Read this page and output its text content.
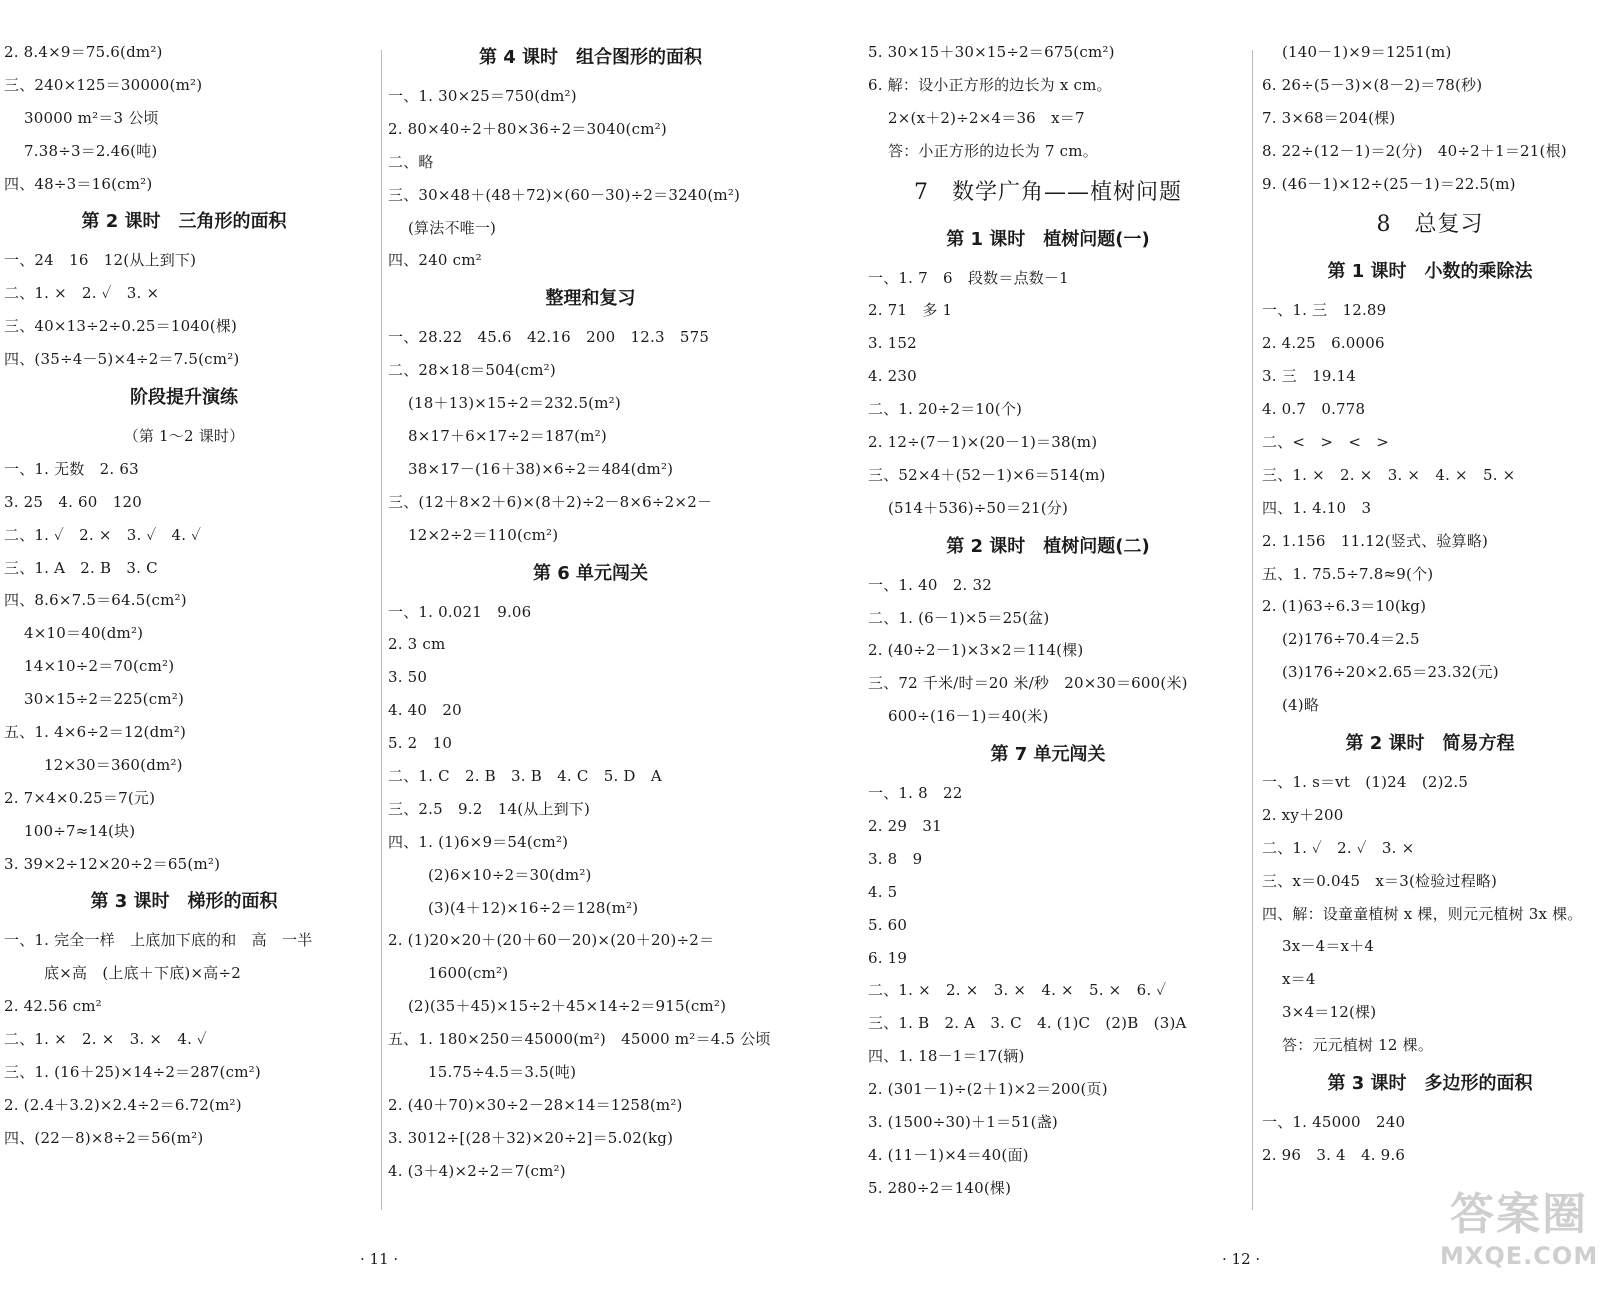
2. 8.4×9＝75.6(dm²)
三、240×125＝30000(m²)
30000 m²＝3 公顷
7.38÷3＝2.46(吨)
四、48÷3＝16(cm²)
第 2 课时　三角形的面积
一、24　16　12(从上到下)
二、1. ×　2. ✓　3. ×
三、40×13÷2÷0.25＝1040(棵)
四、(35÷4－5)×4÷2＝7.5(cm²)
阶段提升演练
（第 1～2 课时）
一、1. 无数　2. 63
3. 25　4. 60　120
二、1. ✓　2. ×　3. ✓　4. ✓
三、1. A　2. B　3. C
四、8.6×7.5＝64.5(cm²)
4×10＝40(dm²)
14×10÷2＝70(cm²)
30×15÷2＝225(cm²)
五、1. 4×6÷2＝12(dm²)
12×30＝360(dm²)
2. 7×4×0.25＝7(元)
100÷7≈14(块)
3. 39×2÷12×20÷2＝65(m²)
第 3 课时　梯形的面积
一、1. 完全一样　上底加下底的和　高　一半
底×高　(上底＋下底)×高÷2
2. 42.56 cm²
二、1. ×　2. ×　3. ×　4. ✓
三、1. (16＋25)×14÷2＝287(cm²)
2. (2.4＋3.2)×2.4÷2＝6.72(m²)
四、(22－8)×8÷2＝56(m²)
第 4 课时　组合图形的面积
一、1. 30×25＝750(dm²)
2. 80×40÷2＋80×36÷2＝3040(cm²)
二、略
三、30×48＋(48＋72)×(60－30)÷2＝3240(m²)
(算法不唯一)
四、240 cm²
整理和复习
一、28.22　45.6　42.16　200　12.3　575
二、28×18＝504(cm²)
(18＋13)×15÷2＝232.5(m²)
8×17＋6×17÷2＝187(m²)
38×17－(16＋38)×6÷2＝484(dm²)
三、(12＋8×2＋6)×(8＋2)÷2－8×6÷2×2－
12×2÷2＝110(cm²)
第 6 单元闯关
一、1. 0.021　9.06
2. 3 cm
3. 50
4. 40　20
5. 2　10
二、1. C　2. B　3. B　4. C　5. D　A
三、2.5　9.2　14(从上到下)
四、1. (1)6×9＝54(cm²)
(2)6×10÷2＝30(dm²)
(3)(4＋12)×16÷2＝128(m²)
2. (1)20×20＋(20＋60－20)×(20＋20)÷2＝
1600(cm²)
(2)(35＋45)×15÷2＋45×14÷2＝915(cm²)
五、1. 180×250＝45000(m²)　45000 m²＝4.5 公顷
15.75÷4.5＝3.5(吨)
2. (40＋70)×30÷2－28×14＝1258(m²)
3. 3012÷[(28＋32)×20÷2]＝5.02(kg)
4. (3＋4)×2÷2＝7(cm²)
5. 30×15＋30×15÷2＝675(cm²)
6. 解：设小正方形的边长为 x cm。
2×(x＋2)÷2×4＝36　x＝7
答：小正方形的边长为 7 cm。
7　数学广角——植树问题
第 1 课时　植树问题(一)
一、1. 7　6　段数＝点数－1
2. 71　多 1
3. 152
4. 230
二、1. 20÷2＝10(个)
2. 12÷(7－1)×(20－1)＝38(m)
三、52×4＋(52－1)×6＝514(m)
(514＋536)÷50＝21(分)
第 2 课时　植树问题(二)
一、1. 40　2. 32
二、1. (6－1)×5＝25(盆)
2. (40÷2－1)×3×2＝114(棵)
三、72 千米/时＝20 米/秒　20×30＝600(米)
600÷(16－1)＝40(米)
第 7 单元闯关
一、1. 8　22
2. 29　31
3. 8　9
4. 5
5. 60
6. 19
二、1. ×　2. ×　3. ×　4. ×　5. ×　6. ✓
三、1. B　2. A　3. C　4. (1)C　(2)B　(3)A
四、1. 18－1＝17(辆)
2. (301－1)÷(2＋1)×2＝200(页)
3. (1500÷30)＋1＝51(盏)
4. (11－1)×4＝40(面)
5. 280÷2＝140(棵)
(140－1)×9＝1251(m)
6. 26÷(5－3)×(8－2)＝78(秒)
7. 3×68＝204(棵)
8. 22÷(12－1)＝2(分)　40÷2＋1＝21(根)
9. (46－1)×12÷(25－1)＝22.5(m)
8　总复习
第 1 课时　小数的乘除法
一、1. 三　12.89
2. 4.25　6.0006
3. 三　19.14
4. 0.7̇　0.778
二、<　>　<　>
三、1. ×　2. ×　3. ×　4. ×　5. ×
四、1. 4.10　3
2. 1.156　11.12(竖式、验算略)
五、1. 75.5÷7.8≈9(个)
2. (1)63÷6.3＝10(kg)
(2)176÷70.4＝2.5
(3)176÷20×2.65＝23.32(元)
(4)略
第 2 课时　简易方程
一、1. s＝vt　(1)24　(2)2.5
2. xy＋200
二、1. ✓　2. ✓　3. ×
三、x＝0.045　x＝3(检验过程略)
四、解：设童童植树 x 棵，则元元植树 3x 棵。
3x－4＝x＋4
x＝4
3×4＝12(棵)
答：元元植树 12 棵。
第 3 课时　多边形的面积
一、1. 45000　240
2. 96　3. 4　4. 9.6
· 11 ·	· 12 ·
答案圈
MXQE.COM
